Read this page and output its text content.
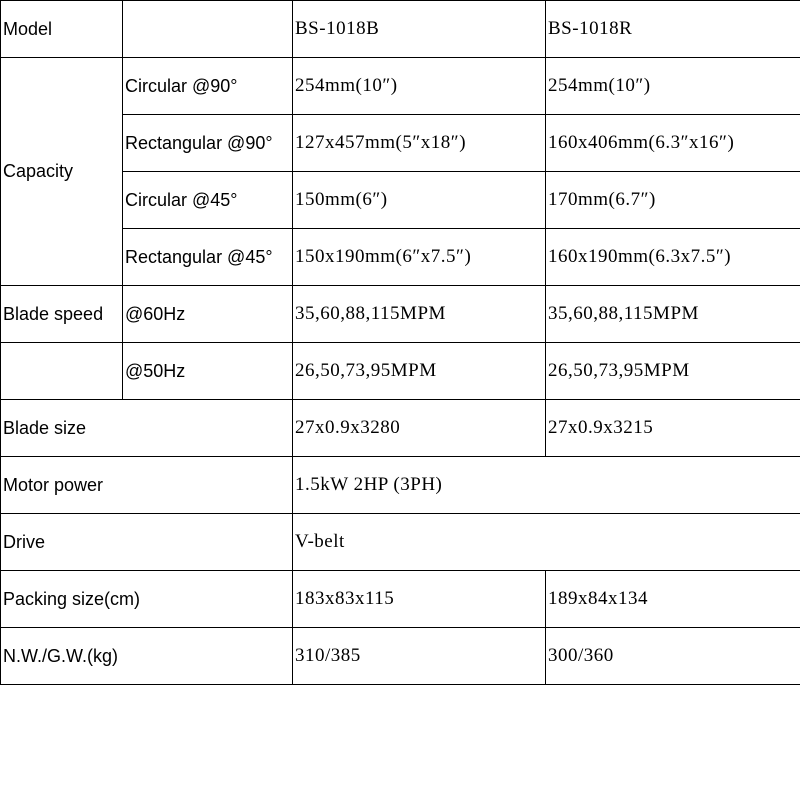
Model		BS-1018B	BS-1018R
Capacity	Circular @90°	254mm(10″)	254mm(10″)
	Rectangular @90°	127x457mm(5″x18″)	160x406mm(6.3″x16″)
	Circular @45°	150mm(6″)	170mm(6.7″)
	Rectangular @45°	150x190mm(6″x7.5″)	160x190mm(6.3x7.5″)
Blade speed	@60Hz	35,60,88,115MPM	35,60,88,115MPM
	@50Hz	26,50,73,95MPM	26,50,73,95MPM
Blade size		27x0.9x3280	27x0.9x3215
Motor power		1.5kW 2HP (3PH)	
Drive		V-belt	
Packing size(cm)		183x83x115	189x84x134
N.W./G.W.(kg)		310/385	300/360
